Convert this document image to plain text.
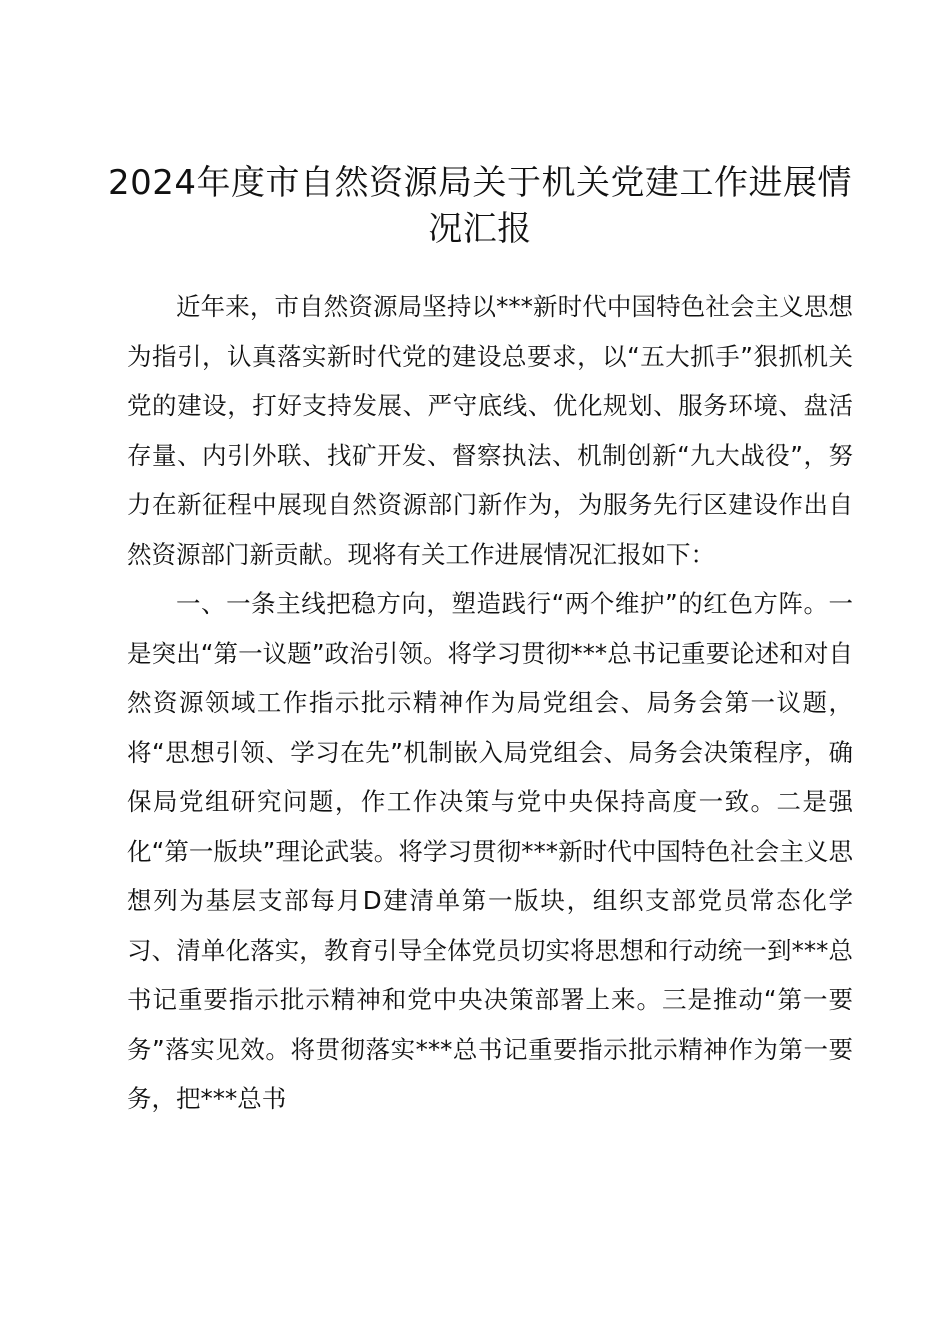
2024年度市自然资源局关于机关党建工作进展情况汇报

近年来，市自然资源局坚持以***新时代中国特色社会主义思想为指引，认真落实新时代党的建设总要求，以“五大抓手”狠抓机关党的建设，打好支持发展、严守底线、优化规划、服务环境、盘活存量、内引外联、找矿开发、督察执法、机制创新“九大战役”，努力在新征程中展现自然资源部门新作为，为服务先行区建设作出自然资源部门新贡献。现将有关工作进展情况汇报如下：

一、一条主线把稳方向，塑造践行“两个维护”的红色方阵。一是突出“第一议题”政治引领。将学习贯彻***总书记重要论述和对自然资源领域工作指示批示精神作为局党组会、局务会第一议题，将“思想引领、学习在先”机制嵌入局党组会、局务会决策程序，确保局党组研究问题，作工作决策与党中央保持高度一致。二是强化“第一版块”理论武装。将学习贯彻***新时代中国特色社会主义思想列为基层支部每月D建清单第一版块，组织支部党员常态化学习、清单化落实，教育引导全体党员切实将思想和行动统一到***总书记重要指示批示精神和党中央决策部署上来。三是推动“第一要务”落实见效。将贯彻落实***总书记重要指示批示精神作为第一要务，把***总书
